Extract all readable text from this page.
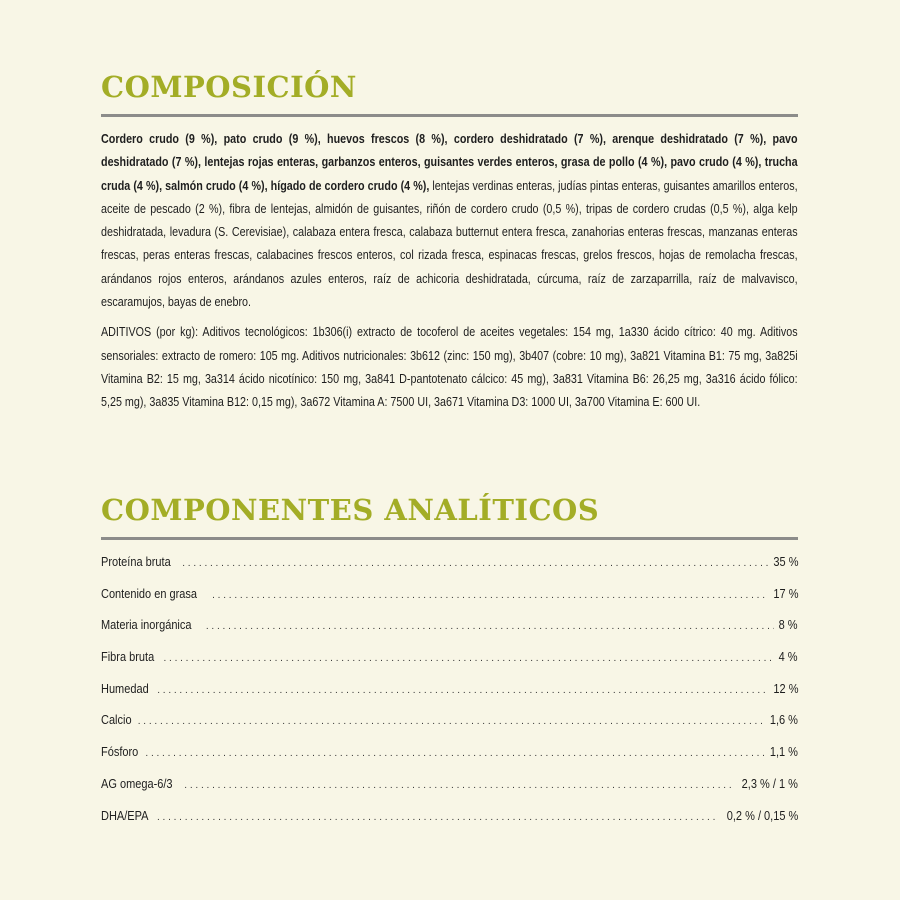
COMPOSICIÓN

Cordero crudo (9 %), pato crudo (9 %), huevos frescos (8 %), cordero deshidratado (7 %), arenque deshidratado (7 %), pavo deshidratado (7 %), lentejas rojas enteras, garbanzos enteros, guisantes verdes enteros, grasa de pollo (4 %), pavo crudo (4 %), trucha cruda (4 %), salmón crudo (4 %), hígado de cordero crudo (4 %), lentejas verdinas enteras, judías pintas enteras, guisantes amarillos enteros, aceite de pescado (2 %), fibra de lentejas, almidón de guisantes, riñón de cordero crudo (0,5 %), tripas de cordero crudas (0,5 %), alga kelp deshidratada, levadura (S. Cerevisiae), calabaza entera fresca, calabaza butternut entera fresca, zanahorias enteras frescas, manzanas enteras frescas, peras enteras frescas, calabacines frescos enteros, col rizada fresca, espinacas frescas, grelos frescos, hojas de remolacha frescas, arándanos rojos enteros, arándanos azules enteros, raíz de achicoria deshidratada, cúrcuma, raíz de zarzaparrilla, raíz de malvavisco, escaramujos, bayas de enebro.

ADITIVOS (por kg): Aditivos tecnológicos: 1b306(i) extracto de tocoferol de aceites vegetales: 154 mg, 1a330 ácido cítrico: 40 mg. Aditivos sensoriales: extracto de romero: 105 mg. Aditivos nutricionales: 3b612 (zinc: 150 mg), 3b407 (cobre: 10 mg), 3a821 Vitamina B1: 75 mg, 3a825i Vitamina B2: 15 mg, 3a314 ácido nicotínico: 150 mg, 3a841 D-pantotenato cálcico: 45 mg), 3a831 Vitamina B6: 26,25 mg, 3a316 ácido fólico: 5,25 mg), 3a835 Vitamina B12: 0,15 mg), 3a672 Vitamina A: 7500 UI, 3a671 Vitamina D3: 1000 UI, 3a700 Vitamina E: 600 UI.

COMPONENTES ANALÍTICOS
Proteína bruta . . .	35 %
Contenido en grasa . . .	17 %
Materia inorgánica . . .	8 %
Fibra bruta . . .	4 %
Humedad . . .	12 %
Calcio . . .	1,6 %
Fósforo . . .	1,1 %
AG omega-6/3 . . .	2,3 % / 1 %
DHA/EPA . . .	0,2 % / 0,15 %
